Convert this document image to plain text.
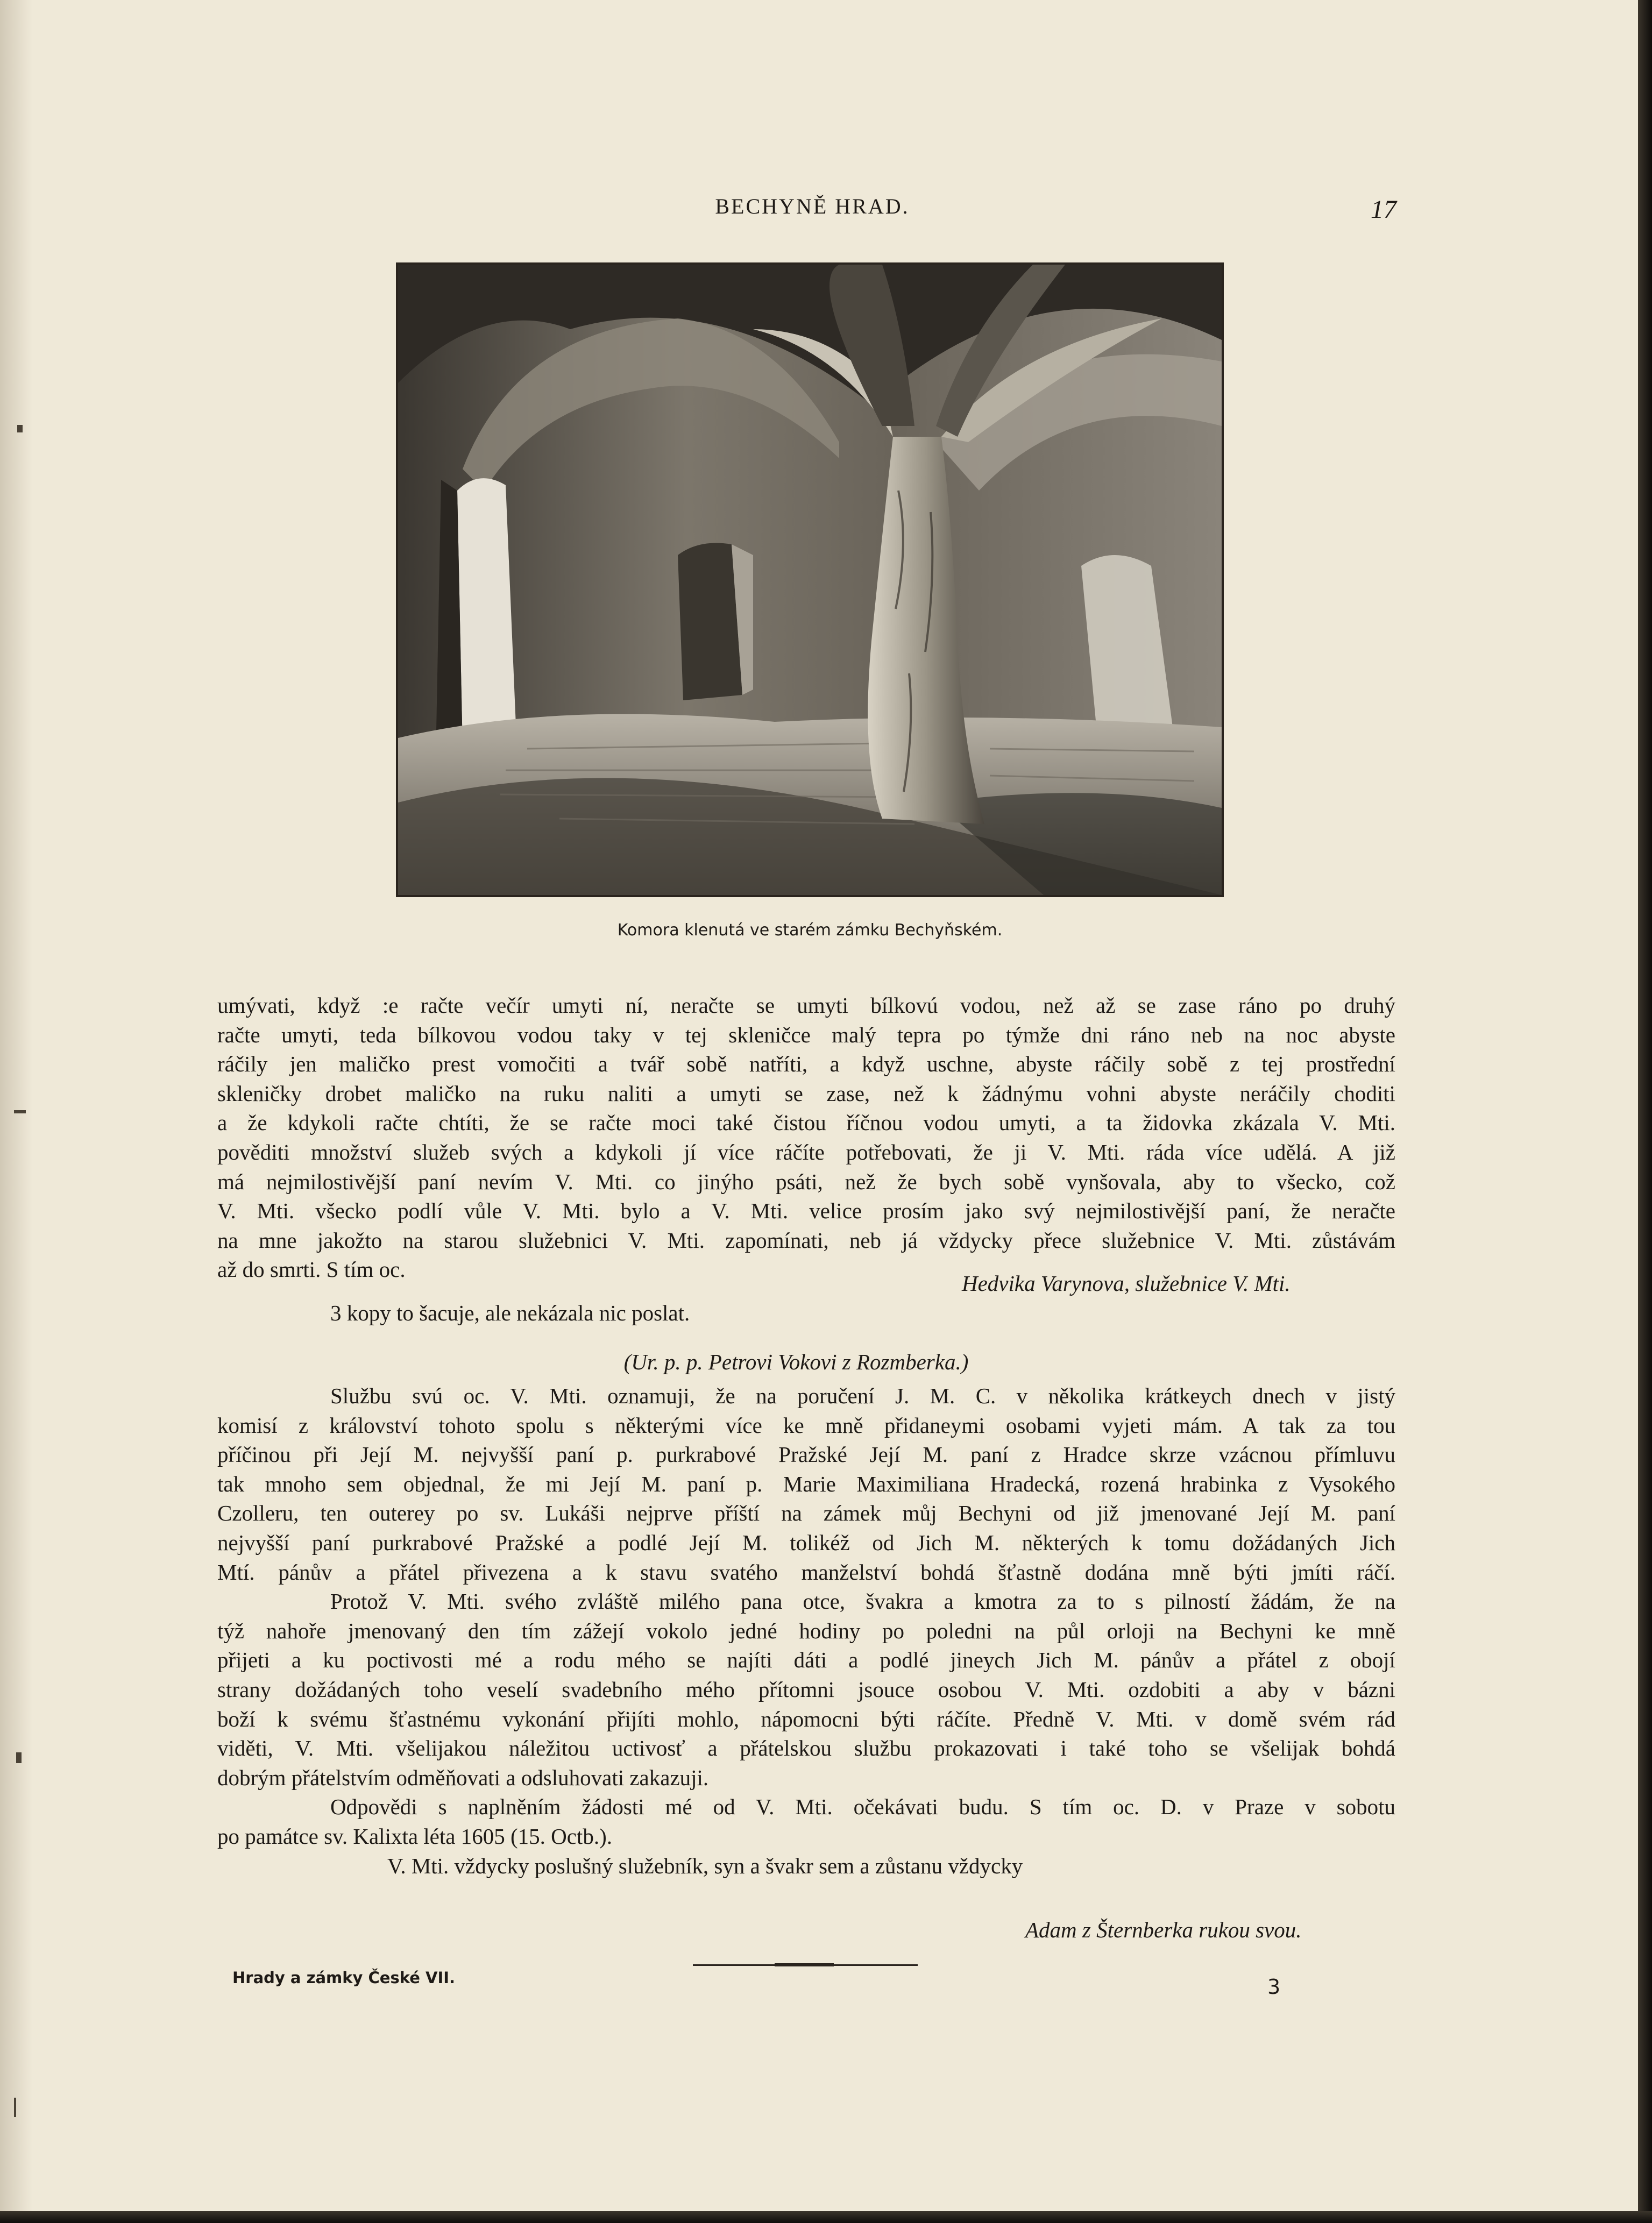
BECHYNĚ HRAD.	17
Komora klenutá ve starém zámku Bechyňském.

umývati, když :e račte večír umyti ní, neračte se umyti bílkovú vodou, než až se zase ráno po druhý

račte umyti, teda bílkovou vodou taky v tej skleničce malý tepra po týmže dni ráno neb na noc abyste

ráčily jen maličko prest vomočiti a tvář sobě natříti, a když uschne, abyste ráčily sobě z tej prostřední

skleničky drobet maličko na ruku naliti a umyti se zase, než k žádnýmu vohni abyste neráčily choditi

a že kdykoli račte chtíti, že se račte moci také čistou říčnou vodou umyti, a ta židovka zkázala V. Mti.

pověditi množství služeb svých a kdykoli jí více ráčíte potřebovati, že ji V. Mti. ráda více udělá. A již

má nejmilostivější paní nevím V. Mti. co jinýho psáti, než že bych sobě vynšovala, aby to všecko, což

V. Mti. všecko podlí vůle V. Mti. bylo a V. Mti. velice prosím jako svý nejmilostivější paní, že neračte

na mne jakožto na starou služebnici V. Mti. zapomínati, neb já vždycky přece služebnice V. Mti. zůstávám

až do smrti. S tím oc.

Hedvika Varynova, služebnice V. Mti.

3 kopy to šacuje, ale nekázala nic poslat.

(Ur. p. p. Petrovi Vokovi z Rozmberka.)

Službu svú oc. V. Mti. oznamuji, že na poručení J. M. C. v několika krátkeych dnech v jistý

komisí z království tohoto spolu s některými více ke mně přidaneymi osobami vyjeti mám. A tak za tou

příčinou při Její M. nejvyšší paní p. purkrabové Pražské Její M. paní z Hradce skrze vzácnou přímluvu

tak mnoho sem objednal, že mi Její M. paní p. Marie Maximiliana Hradecká, rozená hrabinka z Vysokého

Czolleru, ten outerey po sv. Lukáši nejprve příští na zámek můj Bechyni od již jmenované Její M. paní

nejvyšší paní purkrabové Pražské a podlé Její M. tolikéž od Jich M. některých k tomu dožádaných Jich

Mtí. pánův a přátel přivezena a k stavu svatého manželství bohdá šťastně dodána mně býti jmíti ráčí.

Protož V. Mti. svého zvláště milého pana otce, švakra a kmotra za to s pilností žádám, že na

týž nahoře jmenovaný den tím zážejí vokolo jedné hodiny po poledni na půl orloji na Bechyni ke mně

přijeti a ku poctivosti mé a rodu mého se najíti dáti a podlé jineych Jich M. pánův a přátel z obojí

strany dožádaných toho veselí svadebního mého přítomni jsouce osobou V. Mti. ozdobiti a aby v bázni

boží k svému šťastnému vykonání přijíti mohlo, nápomocni býti ráčíte. Předně V. Mti. v domě svém rád

viděti, V. Mti. všelijakou náležitou uctivosť a přátelskou službu prokazovati i také toho se všelijak bohdá

dobrým přátelstvím odměňovati a odsluhovati zakazuji.

Odpovědi s naplněním žádosti mé od V. Mti. očekávati budu. S tím oc. D. v Praze v sobotu

po památce sv. Kalixta léta 1605 (15. Octb.).

V. Mti. vždycky poslušný služebník, syn a švakr sem a zůstanu vždycky

Adam z Šternberka rukou svou.
Hrady a zámky České VII.	3
